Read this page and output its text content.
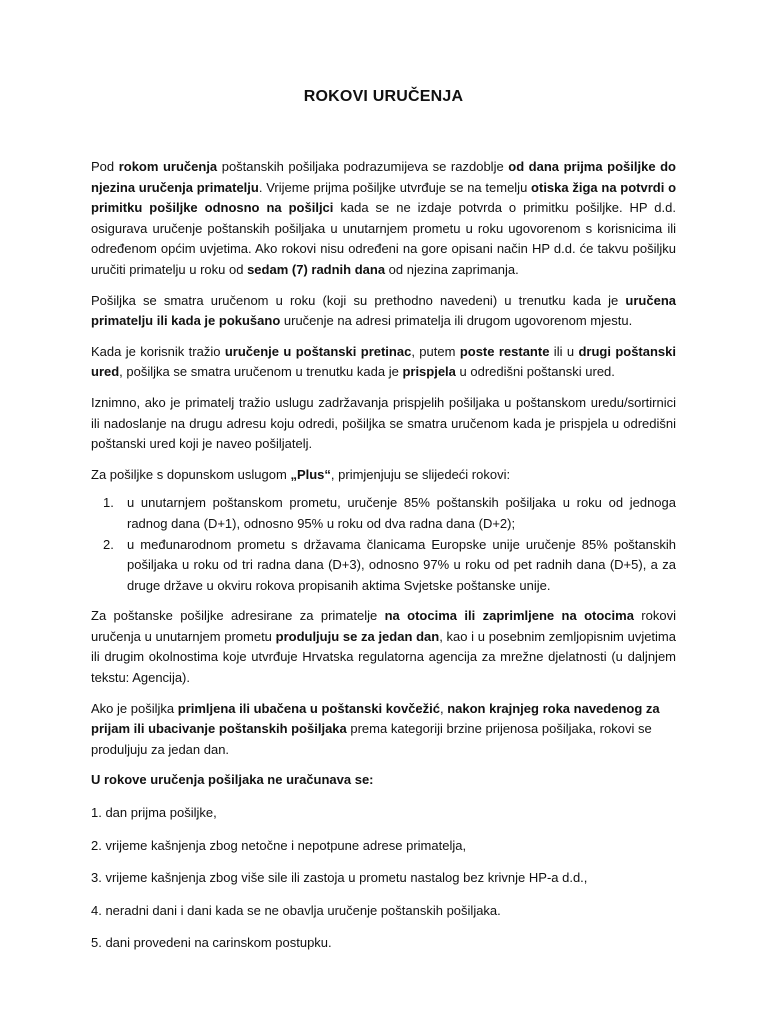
ROKOVI URUČENJA

Pod rokom uručenja poštanskih pošiljaka podrazumijeva se razdoblje od dana prijma pošiljke do njezina uručenja primatelju. Vrijeme prijma pošiljke utvrđuje se na temelju otiska žiga na potvrdi o primitku pošiljke odnosno na pošiljci kada se ne izdaje potvrda o primitku pošiljke. HP d.d. osigurava uručenje poštanskih pošiljaka u unutarnjem prometu u roku ugovorenom s korisnicima ili određenom općim uvjetima. Ako rokovi nisu određeni na gore opisani način HP d.d. će takvu pošiljku uručiti primatelju u roku od sedam (7) radnih dana od njezina zaprimanja.

Pošiljka se smatra uručenom u roku (koji su prethodno navedeni) u trenutku kada je uručena primatelju ili kada je pokušano uručenje na adresi primatelja ili drugom ugovorenom mjestu.

Kada je korisnik tražio uručenje u poštanski pretinac, putem poste restante ili u drugi poštanski ured, pošiljka se smatra uručenom u trenutku kada je prispjela u odredišni poštanski ured.

Iznimno, ako je primatelj tražio uslugu zadržavanja prispjelih pošiljaka u poštanskom uredu/sortirnici ili nadoslanje na drugu adresu koju odredi, pošiljka se smatra uručenom kada je prispjela u odredišni poštanski ured koji je naveo pošiljatelj.

Za pošiljke s dopunskom uslugom „Plus“, primjenjuju se slijedeći rokovi:

1. u unutarnjem poštanskom prometu, uručenje 85% poštanskih pošiljaka u roku od jednoga radnog dana (D+1), odnosno 95% u roku od dva radna dana (D+2);
2. u međunarodnom prometu s državama članicama Europske unije uručenje 85% poštanskih pošiljaka u roku od tri radna dana (D+3), odnosno 97% u roku od pet radnih dana (D+5), a za druge države u okviru rokova propisanih aktima Svjetske poštanske unije.

Za poštanske pošiljke adresirane za primatelje na otocima ili zaprimljene na otocima rokovi uručenja u unutarnjem prometu produljuju se za jedan dan, kao i u posebnim zemljopisnim uvjetima ili drugim okolnostima koje utvrđuje Hrvatska regulatorna agencija za mrežne djelatnosti (u daljnjem tekstu: Agencija).

Ako je pošiljka primljena ili ubačena u poštanski kovčežić, nakon krajnjeg roka navedenog za prijam ili ubacivanje poštanskih pošiljaka prema kategoriji brzine prijenosa pošiljaka, rokovi se produljuju za jedan dan.

U rokove uručenja pošiljaka ne uračunava se:

1. dan prijma pošiljke,

2. vrijeme kašnjenja zbog netočne i nepotpune adrese primatelja,

3. vrijeme kašnjenja zbog više sile ili zastoja u prometu nastalog bez krivnje HP-a d.d.,

4. neradni dani i dani kada se ne obavlja uručenje poštanskih pošiljaka.

5. dani provedeni na carinskom postupku.
